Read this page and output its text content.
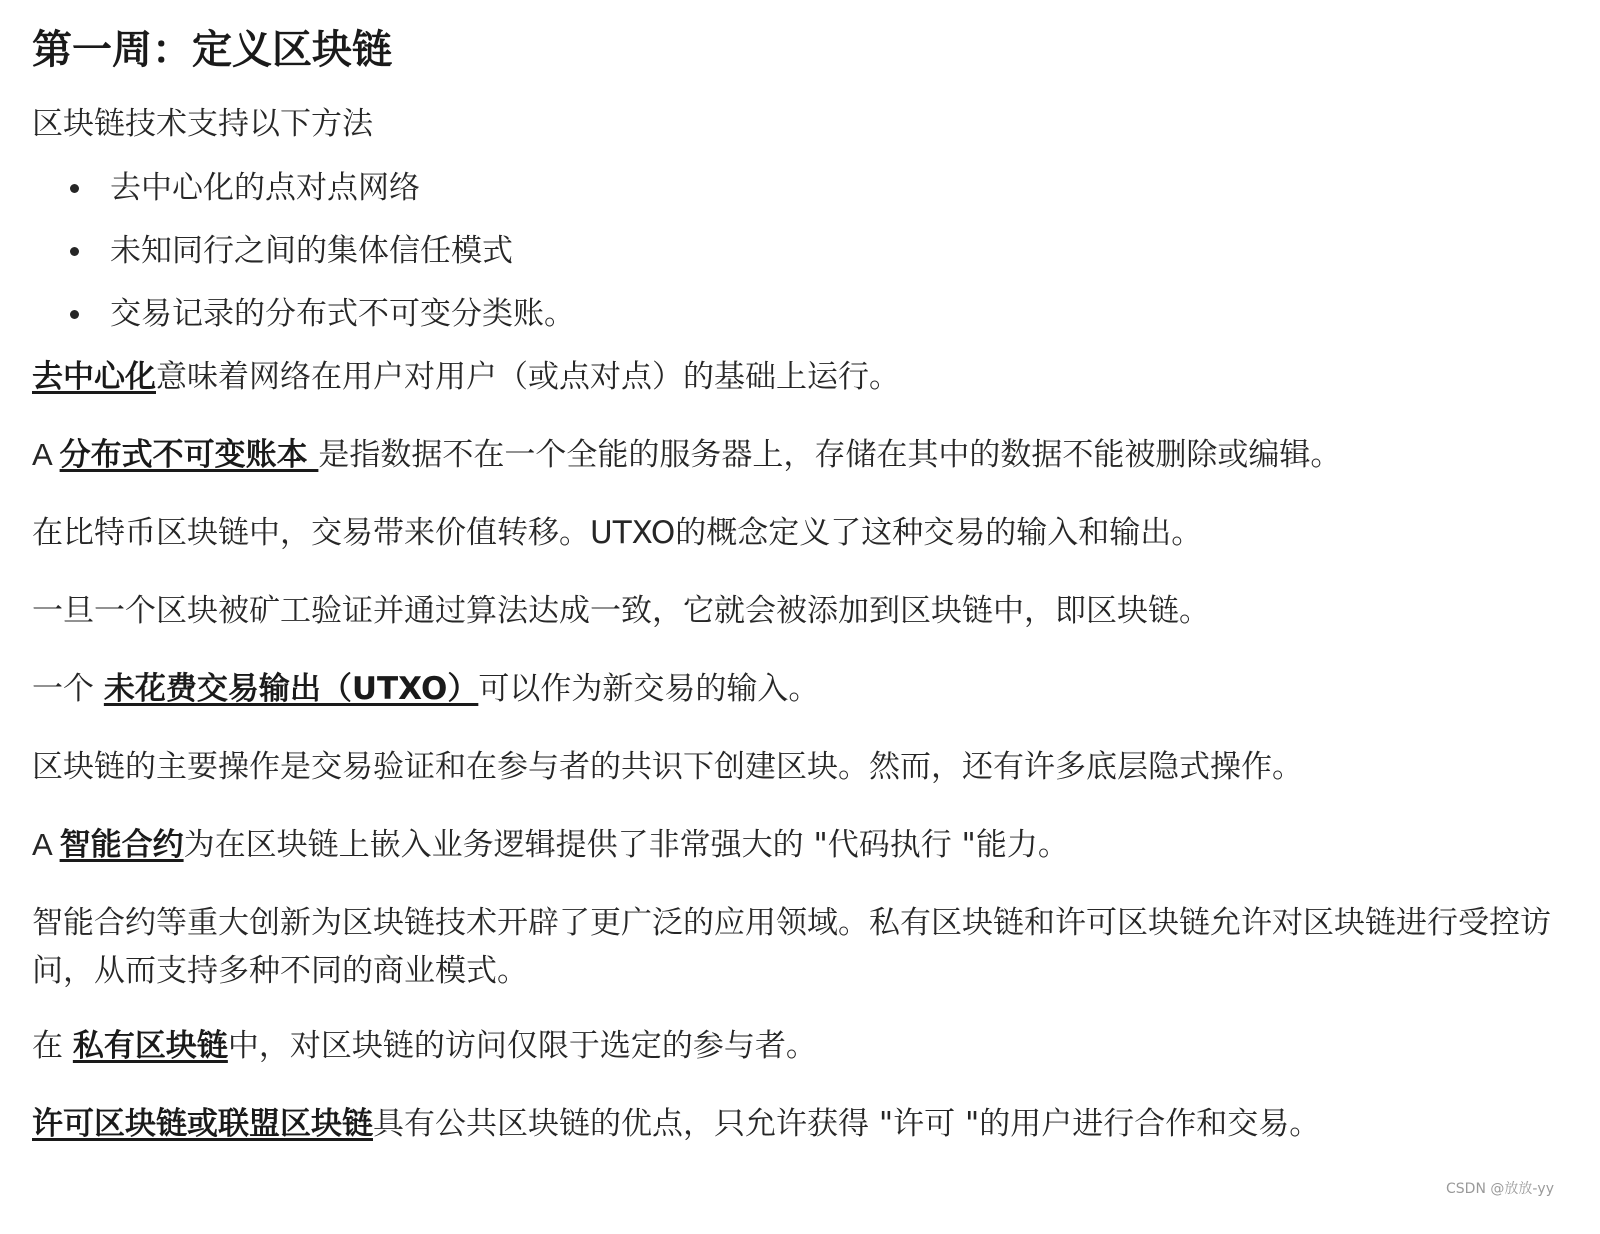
第一周：定义区块链

区块链技术支持以下方法

去中心化的点对点网络
未知同行之间的集体信任模式
交易记录的分布式不可变分类账。

去中心化意味着网络在用户对用户（或点对点）的基础上运行。

A 分布式不可变账本 是指数据不在一个全能的服务器上，存储在其中的数据不能被删除或编辑。

在比特币区块链中，交易带来价值转移。UTXO的概念定义了这种交易的输入和输出。

一旦一个区块被矿工验证并通过算法达成一致，它就会被添加到区块链中，即区块链。

一个 未花费交易输出（UTXO）可以作为新交易的输入。

区块链的主要操作是交易验证和在参与者的共识下创建区块。然而，还有许多底层隐式操作。

A 智能合约为在区块链上嵌入业务逻辑提供了非常强大的 "代码执行 "能力。

智能合约等重大创新为区块链技术开辟了更广泛的应用领域。私有区块链和许可区块链允许对区块链进行受控访问，从而支持多种不同的商业模式。

在 私有区块链中，对区块链的访问仅限于选定的参与者。

许可区块链或联盟区块链具有公共区块链的优点，只允许获得 "许可 "的用户进行合作和交易。

CSDN @放放-yy
